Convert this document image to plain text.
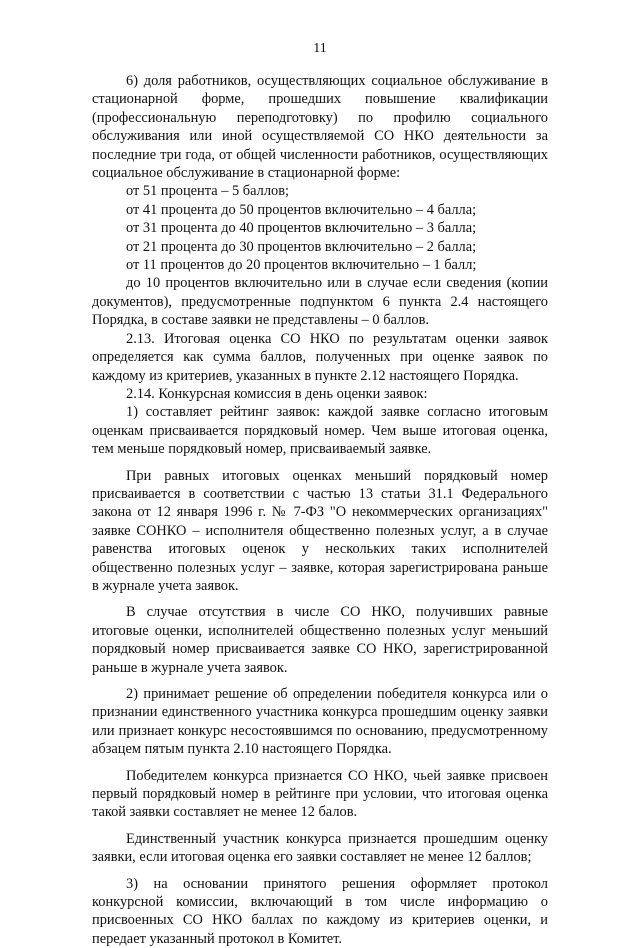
11

6) доля работников, осуществляющих социальное обслуживание в стационарной форме, прошедших повышение квалификации (профессиональную переподготовку) по профилю социального обслуживания или иной осуществляемой СО НКО деятельности за последние три года, от общей численности работников, осуществляющих социальное обслуживание в стационарной форме:

от 51 процента – 5 баллов;

от 41 процента до 50 процентов включительно – 4 балла;

от 31 процента до 40 процентов включительно – 3 балла;

от 21 процента до 30 процентов включительно – 2 балла;

от 11 процентов до 20 процентов включительно – 1 балл;

до 10 процентов включительно или в случае если сведения (копии документов), предусмотренные подпунктом 6 пункта 2.4 настоящего Порядка, в составе заявки не представлены – 0 баллов.

2.13. Итоговая оценка СО НКО по результатам оценки заявок определяется как сумма баллов, полученных при оценке заявок по каждому из критериев, указанных в пункте 2.12 настоящего Порядка.

2.14. Конкурсная комиссия в день оценки заявок:

1) составляет рейтинг заявок: каждой заявке согласно итоговым оценкам присваивается порядковый номер. Чем выше итоговая оценка, тем меньше порядковый номер, присваиваемый заявке.

При равных итоговых оценках меньший порядковый номер присваивается в соответствии с частью 13 статьи 31.1 Федерального закона от 12 января 1996 г. № 7-ФЗ "О некоммерческих организациях" заявке СОНКО – исполнителя общественно полезных услуг, а в случае равенства итоговых оценок у нескольких таких исполнителей общественно полезных услуг – заявке, которая зарегистрирована раньше в журнале учета заявок.

В случае отсутствия в числе СО НКО, получивших равные итоговые оценки, исполнителей общественно полезных услуг меньший порядковый номер присваивается заявке СО НКО, зарегистрированной раньше в журнале учета заявок.

2) принимает решение об определении победителя конкурса или о признании единственного участника конкурса прошедшим оценку заявки или признает конкурс несостоявшимся по основанию, предусмотренному абзацем пятым пункта 2.10 настоящего Порядка.

Победителем конкурса признается СО НКО, чьей заявке присвоен первый порядковый номер в рейтинге при условии, что итоговая оценка такой заявки составляет не менее 12 балов.

Единственный участник конкурса признается прошедшим оценку заявки, если итоговая оценка его заявки составляет не менее 12 баллов;

3) на основании принятого решения оформляет протокол конкурсной комиссии, включающий в том числе информацию о присвоенных СО НКО баллах по каждому из критериев оценки, и передает указанный протокол в Комитет.
